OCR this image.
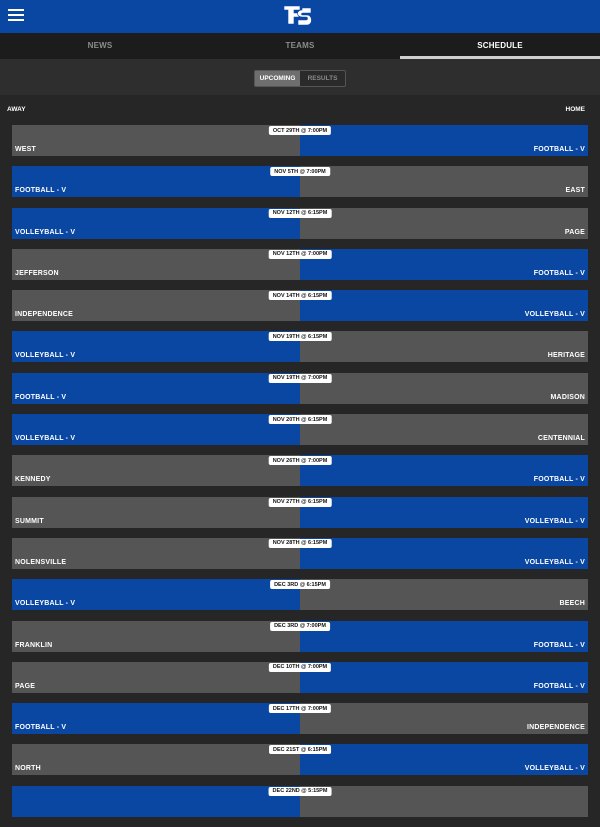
NEWS	TEAMS	SCHEDULE
UPCOMING	RESULTS
AWAY	HOME
OCT 29TH @ 7:00PM
WEST	FOOTBALL - V
NOV 5TH @ 7:00PM
FOOTBALL - V	EAST
NOV 12TH @ 6:15PM
VOLLEYBALL - V	PAGE
NOV 12TH @ 7:00PM
JEFFERSON	FOOTBALL - V
NOV 14TH @ 6:15PM
INDEPENDENCE	VOLLEYBALL - V
NOV 19TH @ 6:15PM
VOLLEYBALL - V	HERITAGE
NOV 19TH @ 7:00PM
FOOTBALL - V	MADISON
NOV 20TH @ 6:15PM
VOLLEYBALL - V	CENTENNIAL
NOV 26TH @ 7:00PM
KENNEDY	FOOTBALL - V
NOV 27TH @ 6:15PM
SUMMIT	VOLLEYBALL - V
NOV 28TH @ 6:15PM
NOLENSVILLE	VOLLEYBALL - V
DEC 3RD @ 6:15PM
VOLLEYBALL - V	BEECH
DEC 3RD @ 7:00PM
FRANKLIN	FOOTBALL - V
DEC 10TH @ 7:00PM
PAGE	FOOTBALL - V
DEC 17TH @ 7:00PM
FOOTBALL - V	INDEPENDENCE
DEC 21ST @ 6:15PM
NORTH	VOLLEYBALL - V
DEC 22ND @ 5:15PM
